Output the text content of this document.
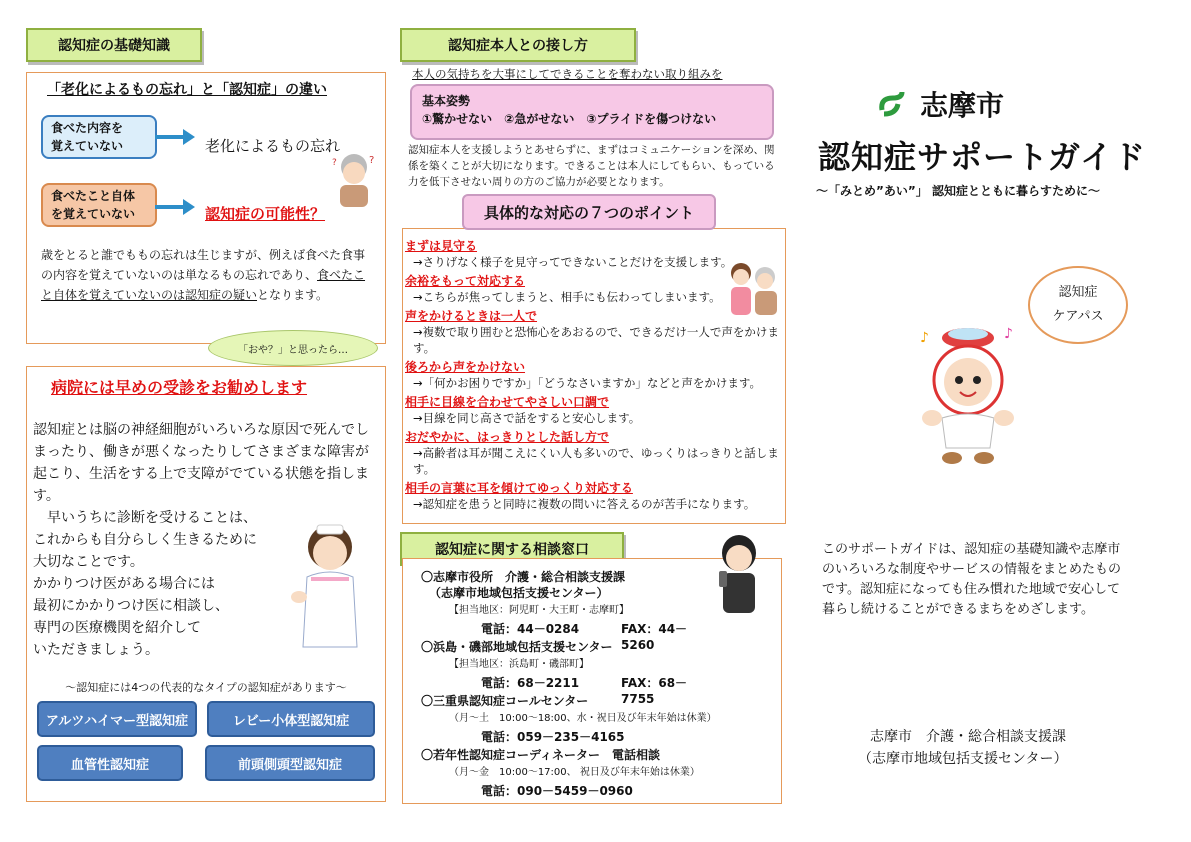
認知症の基礎知識
「老化によるもの忘れ」と「認知症」の違い
食べた内容を
覚えていない	老化によるもの忘れ
食べたこと自体
を覚えていない	認知症の可能性？
?
?
歳をとると誰でももの忘れは生じますが、例えば食べた食事の内容を覚えていないのは単なるもの忘れであり、食べたこと自体を覚えていないのは認知症の疑いとなります。
「おや？」と思ったら…
病院には早めの受診をお勧めします
認知症とは脳の神経細胞がいろいろな原因で死んでしまったり、働きが悪くなったりしてさまざまな障害が起こり、生活をする上で支障がでている状態を指します。
　早いうちに診断を受けることは、
これからも自分らしく生きるために
大切なことです。
かかりつけ医がある場合には
最初にかかりつけ医に相談し、
専門の医療機関を紹介して
いただきましょう。
～認知症には4つの代表的なタイプの認知症があります～
アルツハイマー型認知症	レビー小体型認知症
血管性認知症	前頭側頭型認知症
認知症本人との接し方
本人の気持ちを大事にしてできることを奪わない取り組みを
基本姿勢
①驚かせない　②急がせない　③プライドを傷つけない
認知症本人を支援しようとあせらずに、まずはコミュニケーションを深め、関係を築くことが大切になります。できることは本人にしてもらい、もっている力を低下させない周りの方のご協力が必要となります。
まずは見守る
→さりげなく様子を見守ってできないことだけを支援します。
余裕をもって対応する
→こちらが焦ってしまうと、相手にも伝わってしまいます。
声をかけるときは一人で
→複数で取り囲むと恐怖心をあおるので、できるだけ一人で声をかけます。
後ろから声をかけない
→「何かお困りですか」「どうなさいますか」などと声をかけます。
相手に目線を合わせてやさしい口調で
→目線を同じ高さで話をすると安心します。
おだやかに、はっきりとした話し方で
→高齢者は耳が聞こえにくい人も多いので、ゆっくりはっきりと話します。
相手の言葉に耳を傾けてゆっくり対応する
→認知症を患うと同時に複数の問いに答えるのが苦手になります。
具体的な対応の７つのポイント
認知症に関する相談窓口
〇志摩市役所　介護・総合相談支援課
（志摩市地域包括支援センター）
【担当地区：阿児町・大王町・志摩町】
電話：44－0284	FAX：44－5260
〇浜島・磯部地域包括支援センター
【担当地区：浜島町・磯部町】
電話：68－2211	FAX：68－7755
〇三重県認知症コールセンター
（月～土　10:00～18:00、水・祝日及び年末年始は休業）
電話：059－235－4165
〇若年性認知症コーディネーター　電話相談
（月～金　10:00～17:00、 祝日及び年末年始は休業）
電話：090－5459－0960
志摩市
認知症サポートガイド
～「みとめ”あい”」 認知症とともに暮らすために～
認知症
ケアパス
♪	♪
このサポートガイドは、認知症の基礎知識や志摩市のいろいろな制度やサービスの情報をまとめたものです。認知症になっても住み慣れた地域で安心して暮らし続けることができるまちをめざします。
志摩市　介護・総合相談支援課
（志摩市地域包括支援センター）
